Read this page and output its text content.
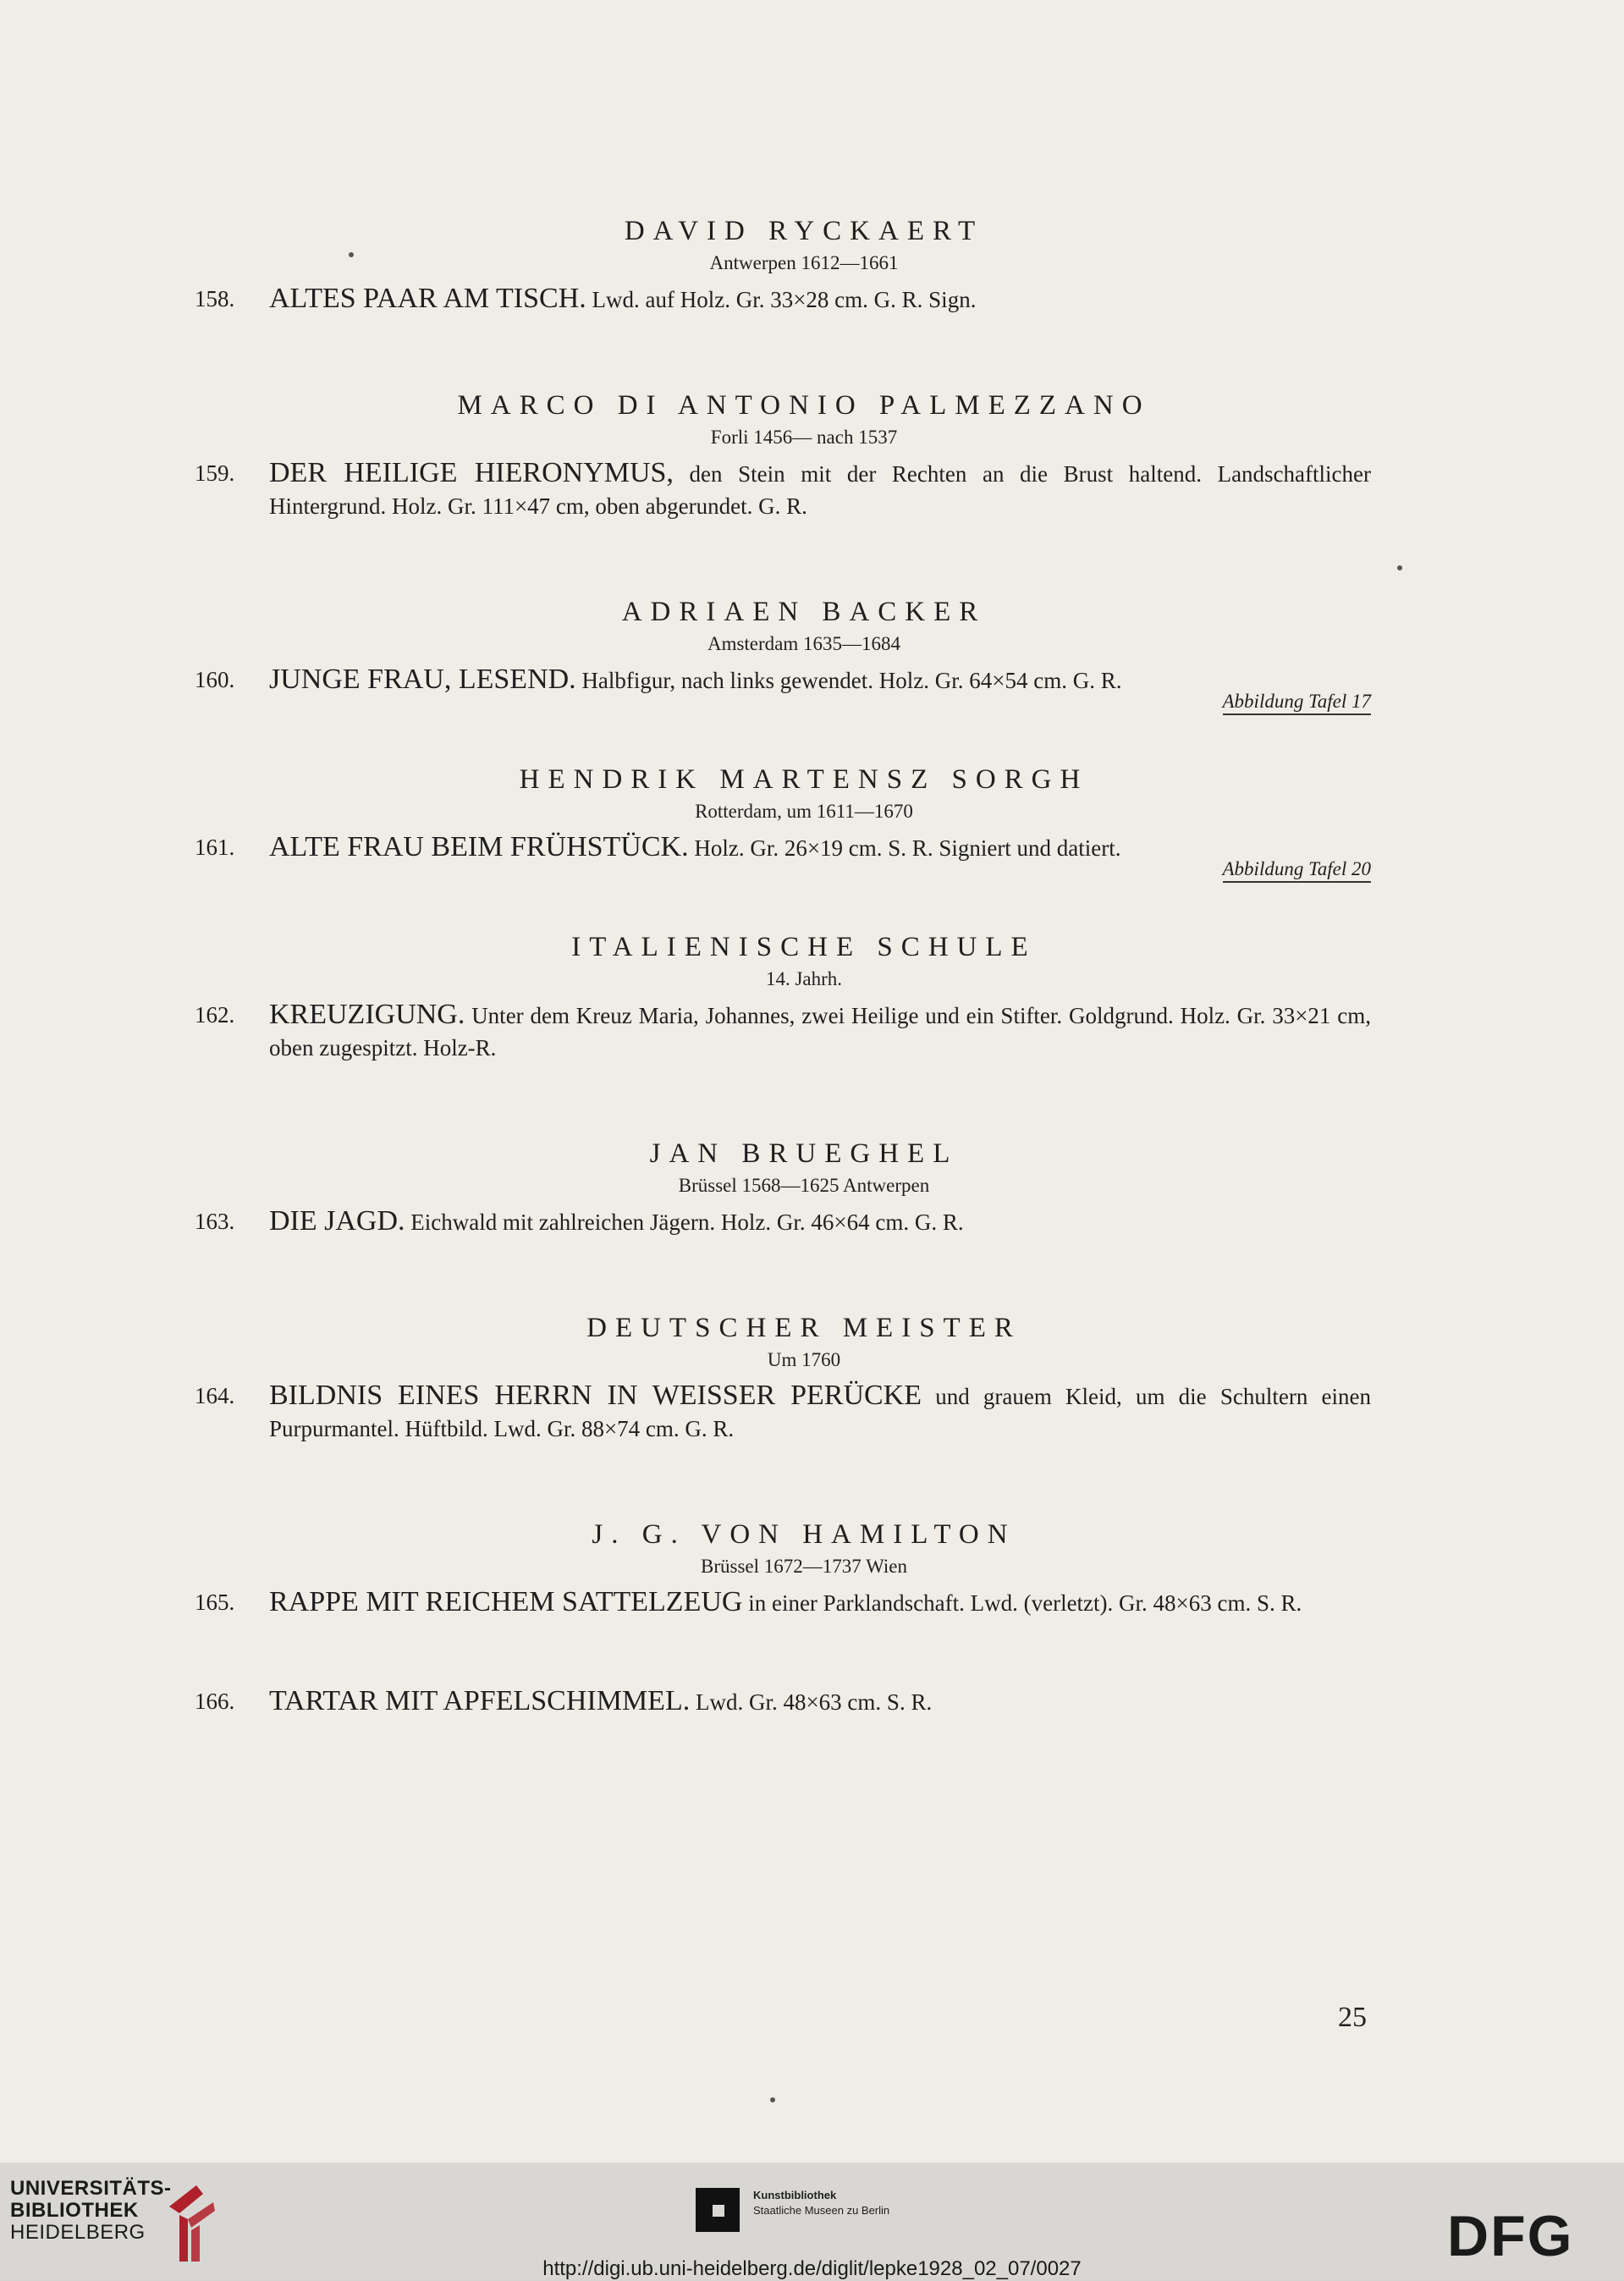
DAVID RYCKAERT
Antwerpen 1612—1661
158. ALTES PAAR AM TISCH. Lwd. auf Holz. Gr. 33×28 cm. G. R. Sign.
MARCO DI ANTONIO PALMEZZANO
Forli 1456— nach 1537
159. DER HEILIGE HIERONYMUS, den Stein mit der Rechten an die Brust haltend. Landschaftlicher Hintergrund. Holz. Gr. 111×47 cm, oben abgerundet. G. R.
ADRIAEN BACKER
Amsterdam 1635—1684
160. JUNGE FRAU, LESEND. Halbfigur, nach links gewendet. Holz. Gr. 64×54 cm. G. R.
Abbildung Tafel 17
HENDRIK MARTENSZ SORGH
Rotterdam, um 1611—1670
161. ALTE FRAU BEIM FRÜHSTÜCK. Holz. Gr. 26×19 cm. S. R. Signiert und datiert.
Abbildung Tafel 20
ITALIENISCHE SCHULE
14. Jahrh.
162. KREUZIGUNG. Unter dem Kreuz Maria, Johannes, zwei Heilige und ein Stifter. Goldgrund. Holz. Gr. 33×21 cm, oben zugespitzt. Holz-R.
JAN BRUEGHEL
Brüssel 1568—1625 Antwerpen
163. DIE JAGD. Eichwald mit zahlreichen Jägern. Holz. Gr. 46×64 cm. G. R.
DEUTSCHER MEISTER
Um 1760
164. BILDNIS EINES HERRN IN WEISSER PERÜCKE und grauem Kleid, um die Schultern einen Purpurmantel. Hüftbild. Lwd. Gr. 88×74 cm. G. R.
J. G. VON HAMILTON
Brüssel 1672—1737 Wien
165. RAPPE MIT REICHEM SATTELZEUG in einer Parklandschaft. Lwd. (verletzt). Gr. 48×63 cm. S. R.
166. TARTAR MIT APFELSCHIMMEL. Lwd. Gr. 48×63 cm. S. R.
25
UNIVERSITÄTS-
BIBLIOTHEK
HEIDELBERG
Kunstbibliothek
Staatliche Museen zu Berlin	DFG
http://digi.ub.uni-heidelberg.de/diglit/lepke1928_02_07/0027
